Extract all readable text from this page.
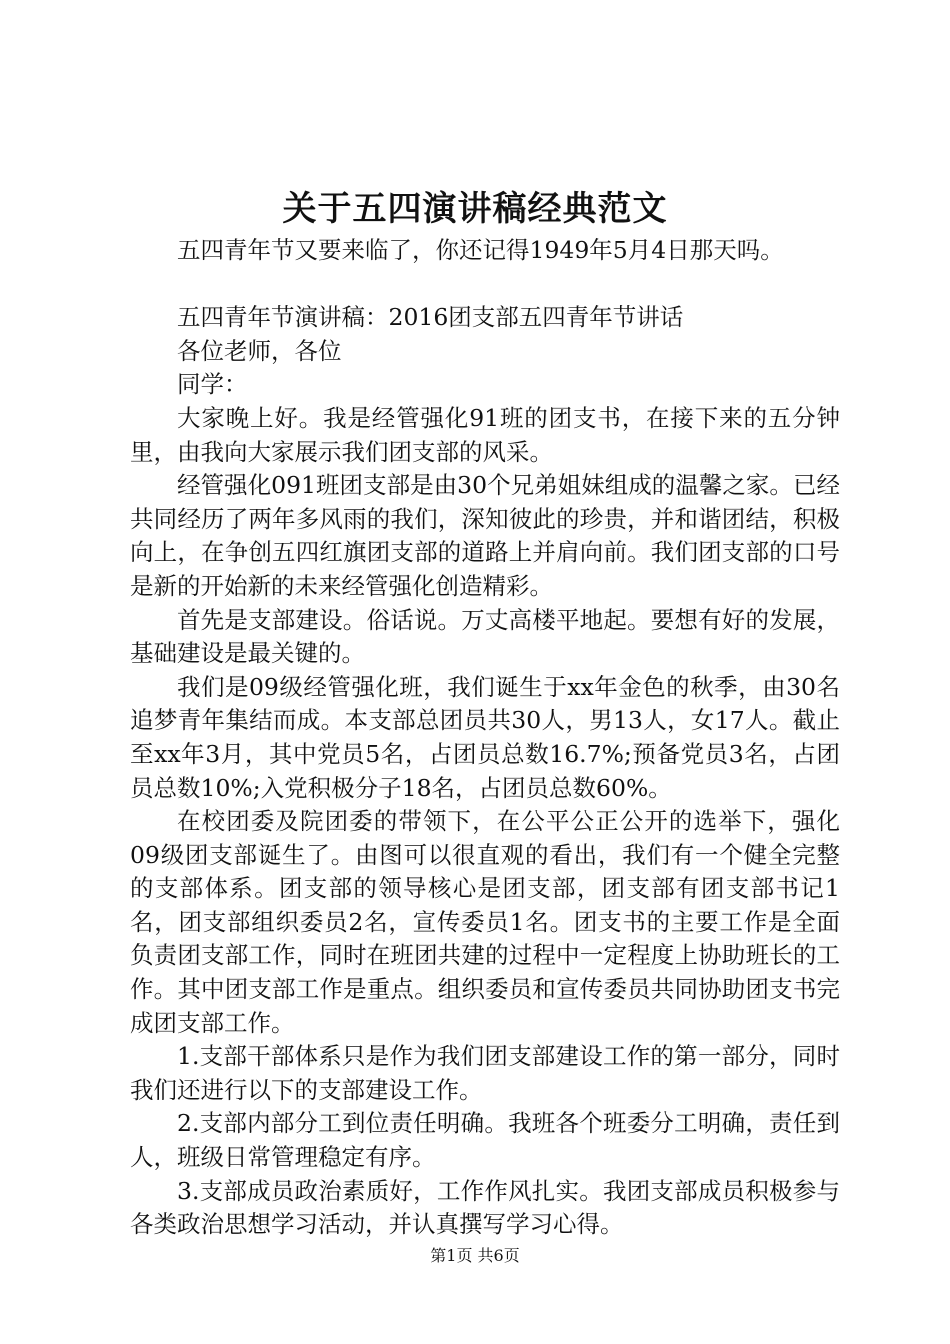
关于五四演讲稿经典范文

五四青年节又要来临了，你还记得1949年5月4日那天吗。

五四青年节演讲稿：2016团支部五四青年节讲话

各位老师，各位

同学：

大家晚上好。我是经管强化91班的团支书，在接下来的五分钟里，由我向大家展示我们团支部的风采。

经管强化091班团支部是由30个兄弟姐妹组成的温馨之家。已经共同经历了两年多风雨的我们，深知彼此的珍贵，并和谐团结，积极向上，在争创五四红旗团支部的道路上并肩向前。我们团支部的口号是新的开始新的未来经管强化创造精彩。

首先是支部建设。俗话说。万丈高楼平地起。要想有好的发展，基础建设是最关键的。

我们是09级经管强化班，我们诞生于xx年金色的秋季，由30名追梦青年集结而成。本支部总团员共30人，男13人，女17人。截止至xx年3月，其中党员5名，占团员总数16.7%;预备党员3名，占团员总数10%;入党积极分子18名，占团员总数60%。

在校团委及院团委的带领下，在公平公正公开的选举下，强化09级团支部诞生了。由图可以很直观的看出，我们有一个健全完整的支部体系。团支部的领导核心是团支部，团支部有团支部书记1名，团支部组织委员2名，宣传委员1名。团支书的主要工作是全面负责团支部工作，同时在班团共建的过程中一定程度上协助班长的工作。其中团支部工作是重点。组织委员和宣传委员共同协助团支书完成团支部工作。

1.支部干部体系只是作为我们团支部建设工作的第一部分，同时我们还进行以下的支部建设工作。

2.支部内部分工到位责任明确。我班各个班委分工明确，责任到人，班级日常管理稳定有序。

3.支部成员政治素质好，工作作风扎实。我团支部成员积极参与各类政治思想学习活动，并认真撰写学习心得。

第1页 共6页
